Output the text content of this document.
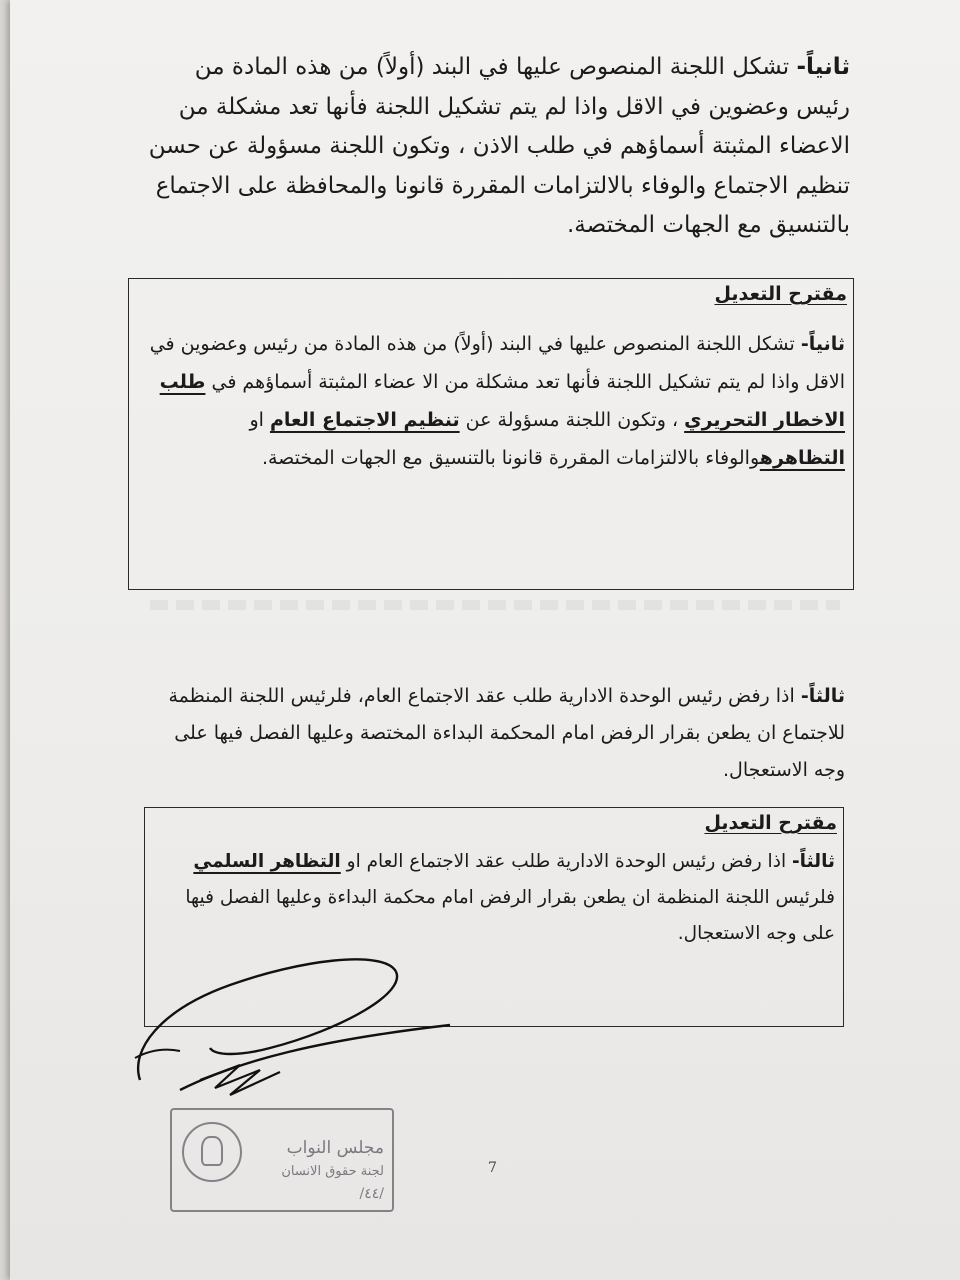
ثانياً- تشكل اللجنة المنصوص عليها في البند (أولاً) من هذه المادة من رئيس وعضوين في الاقل واذا لم يتم تشكيل اللجنة فأنها تعد مشكلة من الاعضاء المثبتة أسماؤهم في طلب الاذن ، وتكون اللجنة مسؤولة عن حسن تنظيم الاجتماع والوفاء بالالتزامات المقررة قانونا والمحافظة على الاجتماع بالتنسيق مع الجهات المختصة.

مقترح التعديل

ثانياً- تشكل اللجنة المنصوص عليها في البند (أولاً) من هذه المادة من رئيس وعضوين في الاقل واذا لم يتم تشكيل اللجنة فأنها تعد مشكلة من الا عضاء المثبتة أسماؤهم في طلب الاخطار التحريري ، وتكون اللجنة مسؤولة عن تنظيم الاجتماع العام او التظاهرهوالوفاء بالالتزامات المقررة قانونا بالتنسيق مع الجهات المختصة.

ثالثاً- اذا رفض رئيس الوحدة الادارية طلب عقد الاجتماع العام، فلرئيس اللجنة المنظمة للاجتماع ان يطعن بقرار الرفض امام المحكمة البداءة المختصة وعليها الفصل فيها على وجه الاستعجال.

مقترح التعديل

ثالثاً- اذا رفض رئيس الوحدة الادارية طلب عقد الاجتماع العام او التظاهر السلمي فلرئيس اللجنة المنظمة ان يطعن بقرار الرفض امام محكمة البداءة وعليها الفصل فيها على وجه الاستعجال.

مجلس النواب

لجنة حقوق الانسان

/٤٤/

7
